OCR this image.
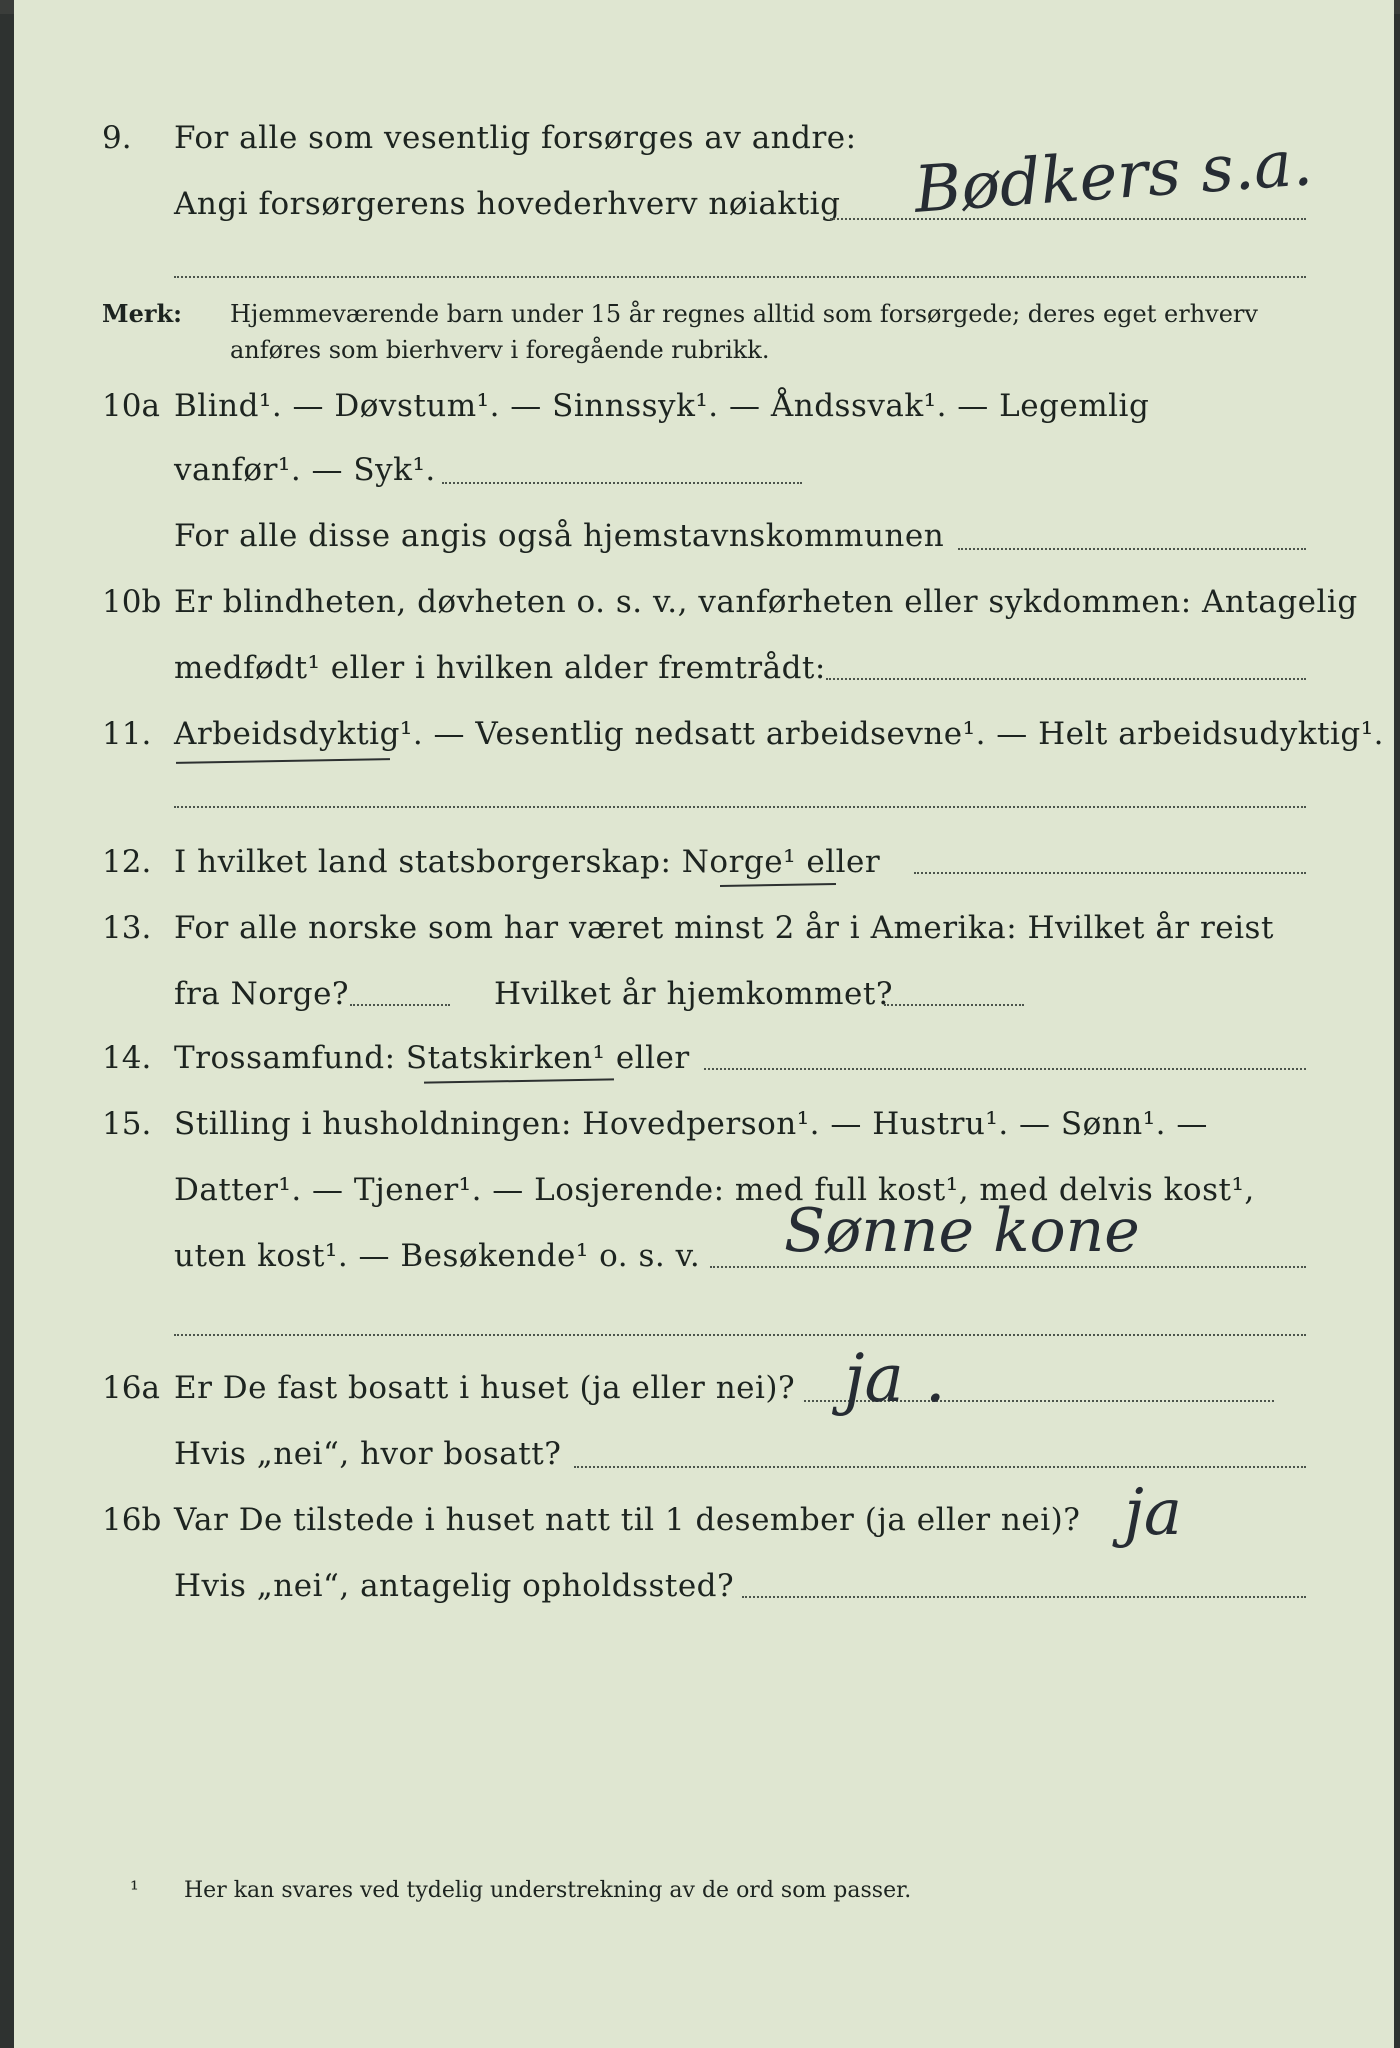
9. For alle som vesentlig forsørges av andre:
Angi forsørgerens hovederhverv nøiaktig Bødkers s.a.
Merk: Hjemmeværende barn under 15 år regnes alltid som forsørgede; deres eget erhverv
anføres som bierhverv i foregående rubrikk.
10a Blind¹. — Døvstum¹. — Sinnssyk¹. — Åndssvak¹. — Legemlig
vanfør¹. — Syk¹.
For alle disse angis også hjemstavnskommunen
10b Er blindheten, døvheten o. s. v., vanførheten eller sykdommen: Antagelig
medfødt¹ eller i hvilken alder fremtrådt:
11. Arbeidsdyktig¹. — Vesentlig nedsatt arbeidsevne¹. — Helt arbeidsudyktig¹.
12. I hvilket land statsborgerskap: Norge¹ eller
13. For alle norske som har været minst 2 år i Amerika: Hvilket år reist
fra Norge?	Hvilket år hjemkommet?
14. Trossamfund: Statskirken¹ eller
15. Stilling i husholdningen: Hovedperson¹. — Hustru¹. — Sønn¹. —
Datter¹. — Tjener¹. — Losjerende: med full kost¹, med delvis kost¹,
uten kost¹. — Besøkende¹ o. s. v. Sønne kone
16a Er De fast bosatt i huset (ja eller nei)? ja .
Hvis „nei“, hvor bosatt?
16b Var De tilstede i huset natt til 1 desember (ja eller nei)? ja
Hvis „nei“, antagelig opholdssted?
¹ Her kan svares ved tydelig understrekning av de ord som passer.
